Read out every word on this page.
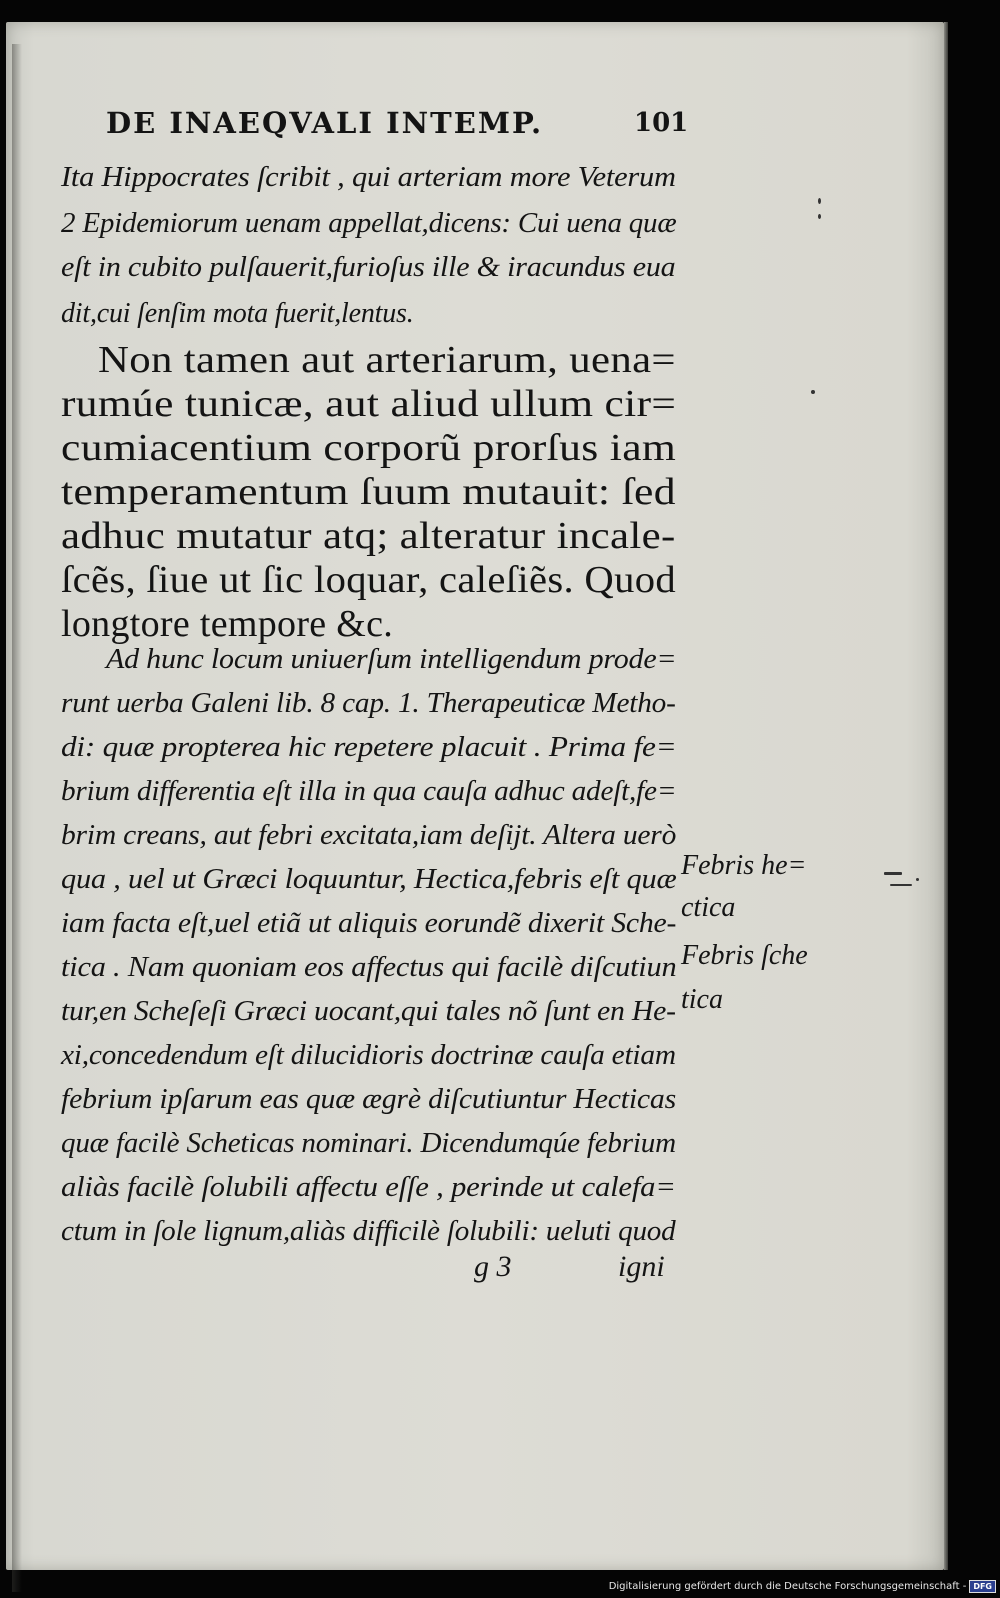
DE INAEQVALI INTEMP.	101
Ita Hippocrates ſcribit , qui arteriam more Veterum
2 Epidemiorum uenam appellat,dicens: Cui uena quæ
eſt in cubito pulſauerit,furioſus ille & iracundus eua
dit,cui ſenſim mota fuerit,lentus.
Non tamen aut arteriarum, uena=
rumúe tunicæ, aut aliud ullum cir=
cumiacentium corporũ prorſus iam
temperamentum ſuum mutauit: ſed
adhuc mutatur atq; alteratur incale-
ſcẽs, ſiue ut ſic loquar, caleſiẽs. Quod
longtore tempore &c.
Ad hunc locum uniuerſum intelligendum prode=
runt uerba Galeni lib. 8 cap. 1. Therapeuticæ Metho-
di: quæ propterea hic repetere placuit . Prima fe=
brium differentia eſt illa in qua cauſa adhuc adeſt,fe=
brim creans, aut febri excitata,iam deſijt. Altera uerò
qua , uel ut Græci loquuntur, Hectica,febris eſt quæ
iam facta eſt,uel etiã ut aliquis eorundẽ dixerit Sche-
tica . Nam quoniam eos affectus qui facilè diſcutiun
tur,en Scheſeſi Græci uocant,qui tales nõ ſunt en He-
xi,concedendum eſt dilucidioris doctrinæ cauſa etiam
febrium ipſarum eas quæ ægrè diſcutiuntur Hecticas
quæ facilè Scheticas nominari. Dicendumqúe febrium
aliàs facilè ſolubili affectu eſſe , perinde ut calefa=
ctum in ſole lignum,aliàs difficilè ſolubili: ueluti quod
Febris he=
ctica
Febris ſche
tica
g 3	igni
Digitalisierung gefördert durch die Deutsche Forschungsgemeinschaft - DFG
